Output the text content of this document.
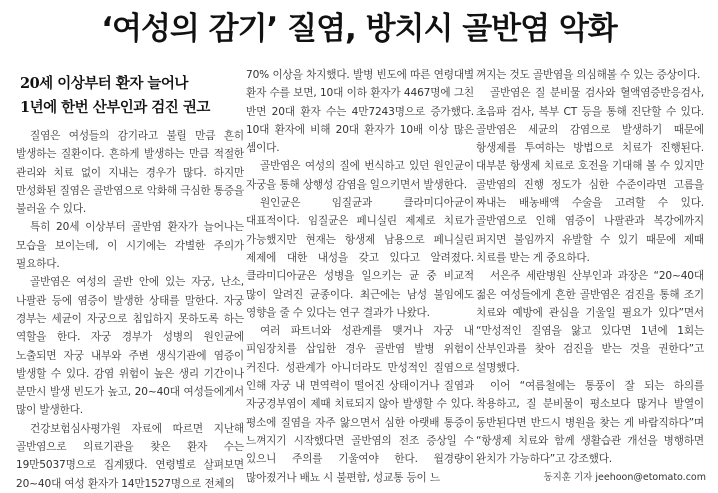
‘여성의 감기’ 질염, 방치시 골반염 악화
20세 이상부터 환자 늘어나
1년에 한번 산부인과 검진 권고

질염은 여성들의 감기라고 불릴 만큼 흔히 발생하는 질환이다. 흔하게 발생하는 만큼 적절한 관리와 치료 없이 지내는 경우가 많다. 하지만 만성화된 질염은 골반염으로 악화해 극심한 통증을 불러올 수 있다.

특히 20세 이상부터 골반염 환자가 늘어나는 모습을 보이는데, 이 시기에는 각별한 주의가 필요하다.

골반염은 여성의 골반 안에 있는 자궁, 난소, 나팔관 등에 염증이 발생한 상태를 말한다. 자궁 경부는 세균이 자궁으로 침입하지 못하도록 하는 역할을 한다. 자궁 경부가 성병의 원인균에 노출되면 자궁 내부와 주변 생식기관에 염증이 발생할 수 있다. 감염 위험이 높은 생리 기간이나 분만시 발생 빈도가 높고, 20~40대 여성들에게서 많이 발생한다.

건강보험심사평가원 자료에 따르면 지난해 골반염으로 의료기관을 찾은 환자 수는 19만5037명으로 집계됐다. 연령별로 살펴보면 20~40대 여성 환자가 14만1527명으로 전체의

70% 이상을 차지했다. 발병 빈도에 따른 연령대별 환자 수를 보면, 10대 이하 환자가 4467명에 그친 반면 20대 환자 수는 4만7243명으로 증가했다. 10대 환자에 비해 20대 환자가 10배 이상 많은 셈이다.

골반염은 여성의 질에 번식하고 있던 원인균이 자궁을 통해 상행성 감염을 일으키면서 발생한다.

원인균은 임질균과 클라미디아균이 대표적이다. 임질균은 페니실린 제제로 치료가 가능했지만 현재는 항생제 남용으로 페니실린 제제에 대한 내성을 갖고 있다고 알려졌다. 클라미디아균은 성병을 일으키는 균 중 비교적 많이 알려진 균종이다. 최근에는 남성 불임에도 영향을 줄 수 있다는 연구 결과가 나왔다.

여러 파트너와 성관계를 맺거나 자궁 내 피임장치를 삽입한 경우 골반염 발병 위험이 커진다. 성관계가 아니더라도 만성적인 질염으로 인해 자궁 내 면역력이 떨어진 상태이거나 질염과 자궁경부염이 제때 치료되지 않아 발생할 수 있다. 평소에 질염을 자주 앓으면서 심한 아랫배 통증이 느껴지기 시작했다면 골반염의 전조 증상일 수 있으니 주의를 기울여야 한다. 월경량이 많아졌거나 배뇨 시 불편함, 성교통 등이 느

껴지는 것도 골반염을 의심해볼 수 있는 증상이다.

골반염은 질 분비물 검사와 혈액염증반응검사, 초음파 검사, 복부 CT 등을 통해 진단할 수 있다. 골반염은 세균의 감염으로 발생하기 때문에 항생제를 투여하는 방법으로 치료가 진행된다. 대부분 항생제 치료로 호전을 기대해 볼 수 있지만 골반염의 진행 정도가 심한 수준이라면 고름을 짜내는 배농배액 수술을 고려할 수 있다. 골반염으로 인해 염증이 나팔관과 복강에까지 퍼지면 불임까지 유발할 수 있기 때문에 제때 치료를 받는 게 중요하다.

서은주 세란병원 산부인과 과장은 “20~40대 젊은 여성들에게 흔한 골반염은 검진을 통해 조기 치료와 예방에 관심을 기울일 필요가 있다”면서 “만성적인 질염을 앓고 있다면 1년에 1회는 산부인과를 찾아 검진을 받는 것을 권한다”고 설명했다.

이어 “여름철에는 통풍이 잘 되는 하의를 착용하고, 질 분비물이 평소보다 많거나 발열이 동반된다면 반드시 병원을 찾는 게 바람직하다”며 “항생제 치료와 함께 생활습관 개선을 병행하면 완치가 가능하다”고 강조했다.

동지훈 기자 jeehoon@etomato.com
